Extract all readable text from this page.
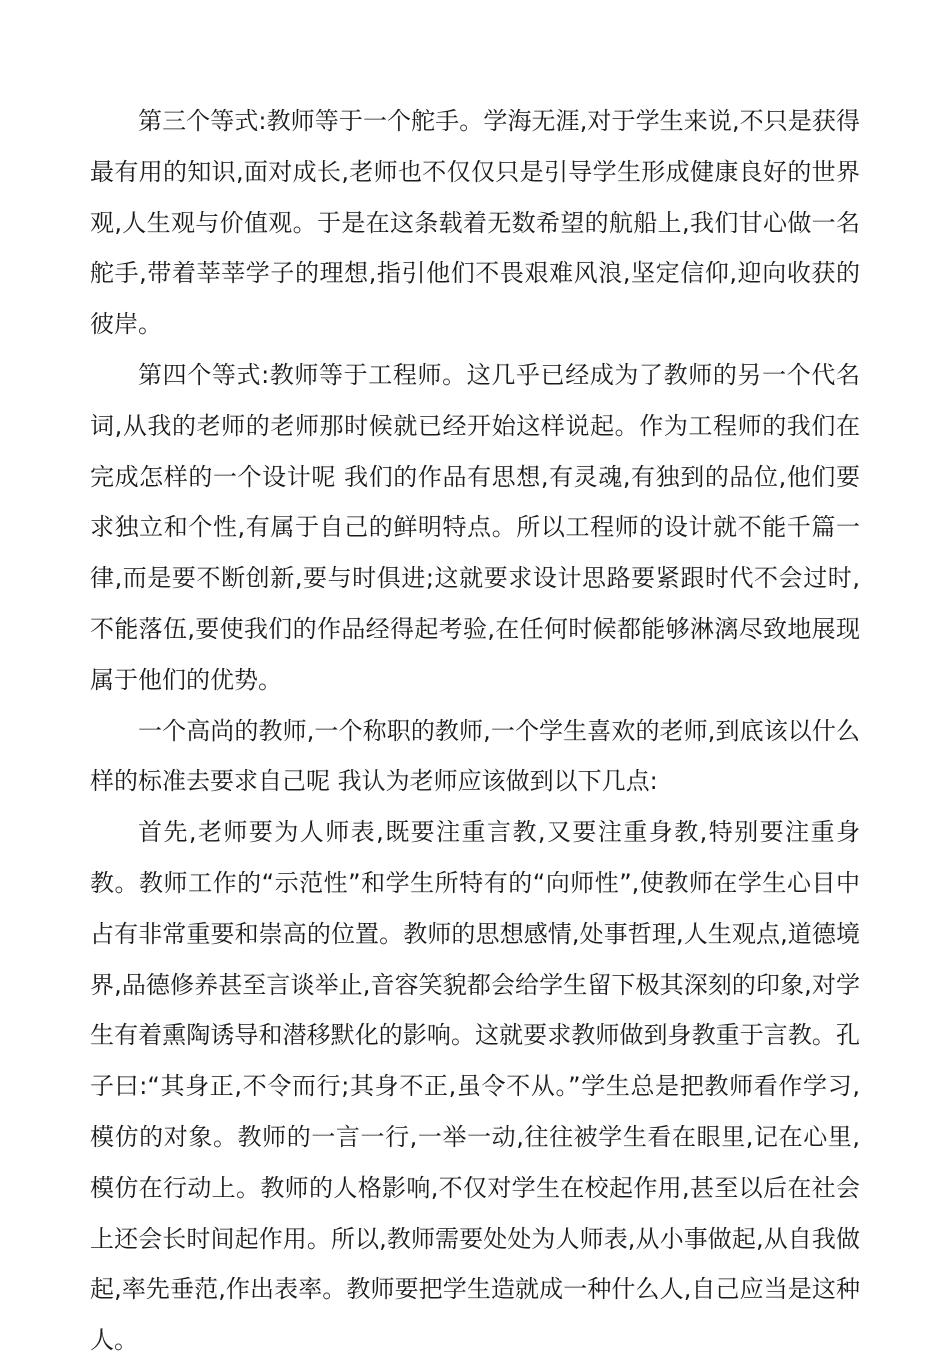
第三个等式:教师等于一个舵手。学海无涯,对于学生来说,不只是获得最有用的知识,面对成长,老师也不仅仅只是引导学生形成健康良好的世界观,人生观与价值观。于是在这条载着无数希望的航船上,我们甘心做一名舵手,带着莘莘学子的理想,指引他们不畏艰难风浪,坚定信仰,迎向收获的彼岸。

第四个等式:教师等于工程师。这几乎已经成为了教师的另一个代名词,从我的老师的老师那时候就已经开始这样说起。作为工程师的我们在完成怎样的一个设计呢 我们的作品有思想,有灵魂,有独到的品位,他们要求独立和个性,有属于自己的鲜明特点。所以工程师的设计就不能千篇一律,而是要不断创新,要与时俱进;这就要求设计思路要紧跟时代不会过时,不能落伍,要使我们的作品经得起考验,在任何时候都能够淋漓尽致地展现属于他们的优势。

一个高尚的教师,一个称职的教师,一个学生喜欢的老师,到底该以什么样的标准去要求自己呢 我认为老师应该做到以下几点:

首先,老师要为人师表,既要注重言教,又要注重身教,特别要注重身教。教师工作的“示范性”和学生所特有的“向师性”,使教师在学生心目中占有非常重要和崇高的位置。教师的思想感情,处事哲理,人生观点,道德境界,品德修养甚至言谈举止,音容笑貌都会给学生留下极其深刻的印象,对学生有着熏陶诱导和潜移默化的影响。这就要求教师做到身教重于言教。孔子曰:“其身正,不令而行;其身不正,虽令不从。”学生总是把教师看作学习,模仿的对象。教师的一言一行,一举一动,往往被学生看在眼里,记在心里,模仿在行动上。教师的人格影响,不仅对学生在校起作用,甚至以后在社会上还会长时间起作用。所以,教师需要处处为人师表,从小事做起,从自我做起,率先垂范,作出表率。教师要把学生造就成一种什么人,自己应当是这种人。
